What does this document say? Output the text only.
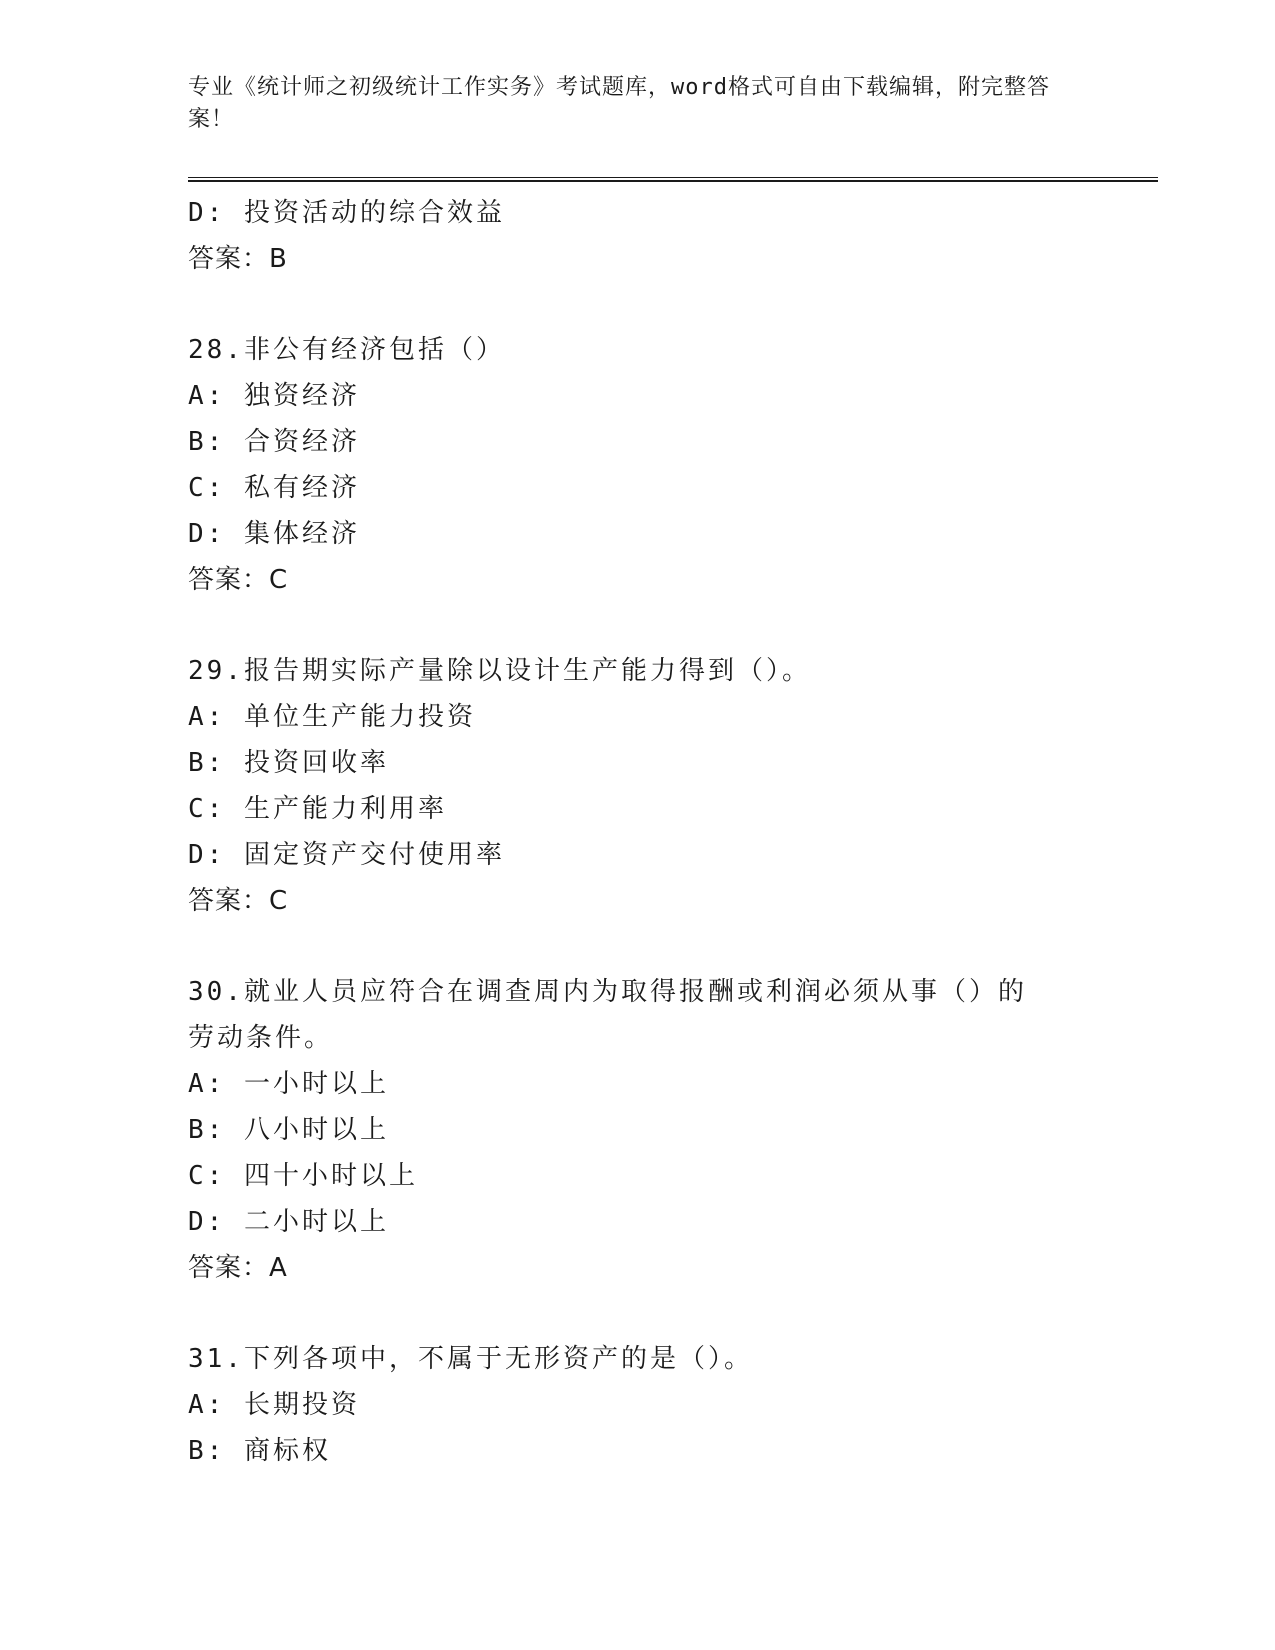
专业《统计师之初级统计工作实务》考试题库，word格式可自由下载编辑，附完整答案！
D: 投资活动的综合效益
答案：B
28.非公有经济包括（）
A: 独资经济
B: 合资经济
C: 私有经济
D: 集体经济
答案：C
29.报告期实际产量除以设计生产能力得到（）。
A: 单位生产能力投资
B: 投资回收率
C: 生产能力利用率
D: 固定资产交付使用率
答案：C
30.就业人员应符合在调查周内为取得报酬或利润必须从事（）的劳动条件。
A: 一小时以上
B: 八小时以上
C: 四十小时以上
D: 二小时以上
答案：A
31.下列各项中，不属于无形资产的是（）。
A: 长期投资
B: 商标权
